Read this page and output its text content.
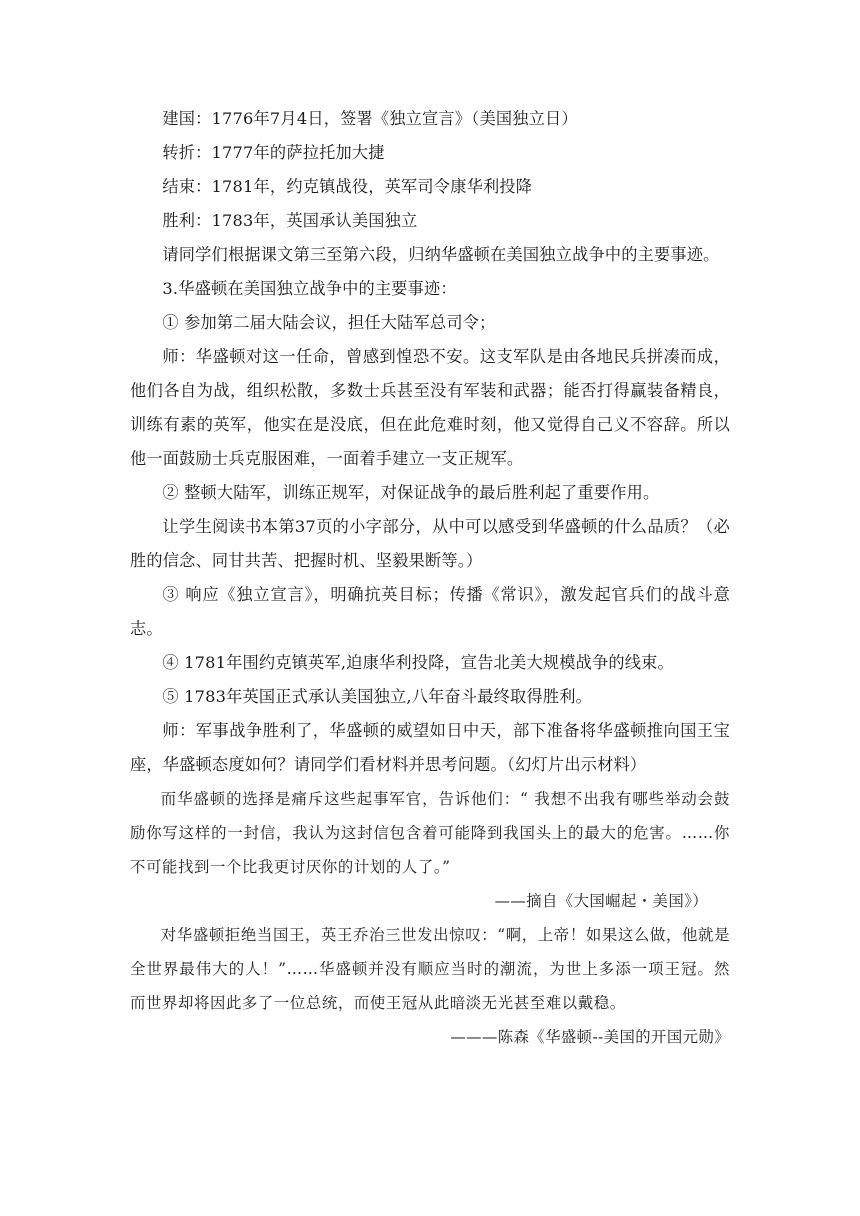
建国：1776年7月4日，签署《独立宣言》（美国独立日）

转折：1777年的萨拉托加大捷

结束：1781年，约克镇战役，英军司令康华利投降

胜利：1783年，英国承认美国独立

请同学们根据课文第三至第六段，归纳华盛顿在美国独立战争中的主要事迹。

3.华盛顿在美国独立战争中的主要事迹：

① 参加第二届大陆会议，担任大陆军总司令；

师：华盛顿对这一任命，曾感到惶恐不安。这支军队是由各地民兵拼凑而成，他们各自为战，组织松散，多数士兵甚至没有军装和武器；能否打得赢装备精良，训练有素的英军，他实在是没底，但在此危难时刻，他又觉得自己义不容辞。所以他一面鼓励士兵克服困难，一面着手建立一支正规军。

② 整顿大陆军，训练正规军，对保证战争的最后胜利起了重要作用。

让学生阅读书本第37页的小字部分，从中可以感受到华盛顿的什么品质？（必胜的信念、同甘共苦、把握时机、坚毅果断等。）

③ 响应《独立宣言》，明确抗英目标；传播《常识》，激发起官兵们的战斗意志。

④ 1781年围约克镇英军,迫康华利投降，宣告北美大规模战争的线束。

⑤ 1783年英国正式承认美国独立,八年奋斗最终取得胜利。

师：军事战争胜利了，华盛顿的威望如日中天，部下准备将华盛顿推向国王宝座，华盛顿态度如何？请同学们看材料并思考问题。（幻灯片出示材料）

而华盛顿的选择是痛斥这些起事军官，告诉他们：“ 我想不出我有哪些举动会鼓励你写这样的一封信，我认为这封信包含着可能降到我国头上的最大的危害。……你不可能找到一个比我更讨厌你的计划的人了。”

——摘自《大国崛起・美国》）

对华盛顿拒绝当国王，英王乔治三世发出惊叹：“啊，上帝！如果这么做，他就是全世界最伟大的人！”……华盛顿并没有顺应当时的潮流，为世上多添一项王冠。然而世界却将因此多了一位总统，而使王冠从此暗淡无光甚至难以戴稳。

———陈森《华盛顿--美国的开国元勋》
